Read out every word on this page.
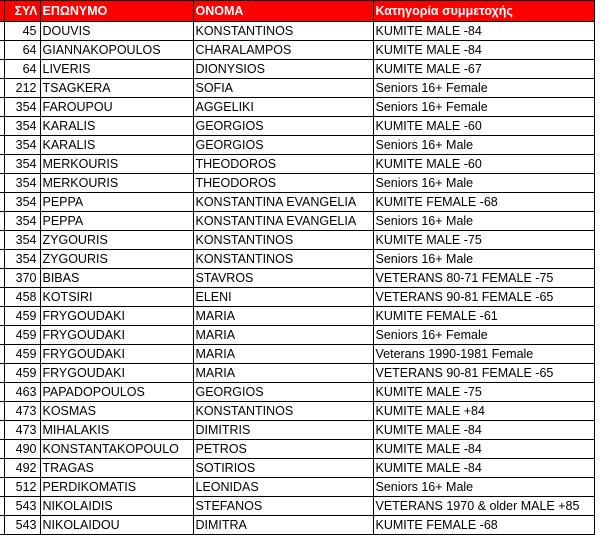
	ΣΥΛ	ΕΠΩΝΥΜΟ	ΟΝΟΜΑ	Κατηγορία συμμετοχής
	45	DOUVIS	KONSTANTINOS	KUMITE MALE -84
	64	GIANNAKOPOULOS	CHARALAMPOS	KUMITE MALE -84
	64	LIVERIS	DIONYSIOS	KUMITE MALE -67
	212	TSAGKERA	SOFIA	Seniors 16+ Female
	354	FAROUPOU	AGGELIKI	Seniors 16+ Female
	354	KARALIS	GEORGIOS	KUMITE MALE -60
	354	KARALIS	GEORGIOS	Seniors 16+ Male
	354	MERKOURIS	THEODOROS	KUMITE MALE -60
	354	MERKOURIS	THEODOROS	Seniors 16+ Male
	354	PEPPA	KONSTANTINA EVANGELIA	KUMITE FEMALE -68
	354	PEPPA	KONSTANTINA EVANGELIA	Seniors 16+ Male
	354	ZYGOURIS	KONSTANTINOS	KUMITE MALE -75
	354	ZYGOURIS	KONSTANTINOS	Seniors 16+ Male
	370	BIBAS	STAVROS	VETERANS 80-71 FEMALE -75
	458	KOTSIRI	ELENI	VETERANS 90-81 FEMALE -65
	459	FRYGOUDAKI	MARIA	KUMITE FEMALE -61
	459	FRYGOUDAKI	MARIA	Seniors 16+ Female
	459	FRYGOUDAKI	MARIA	Veterans 1990-1981 Female
	459	FRYGOUDAKI	MARIA	VETERANS 90-81 FEMALE -65
	463	PAPADOPOULOS	GEORGIOS	KUMITE MALE -75
	473	KOSMAS	KONSTANTINOS	KUMITE MALE +84
	473	MIHALAKIS	DIMITRIS	KUMITE MALE -84
	490	KONSTANTAKOPOULO	PETROS	KUMITE MALE -84
	492	TRAGAS	SOTIRIOS	KUMITE MALE -84
	512	PERDIKOMATIS	LEONIDAS	Seniors 16+ Male
	543	NIKOLAIDIS	STEFANOS	VETERANS 1970 & older MALE +85
	543	NIKOLAIDOU	DIMITRA	KUMITE FEMALE -68
